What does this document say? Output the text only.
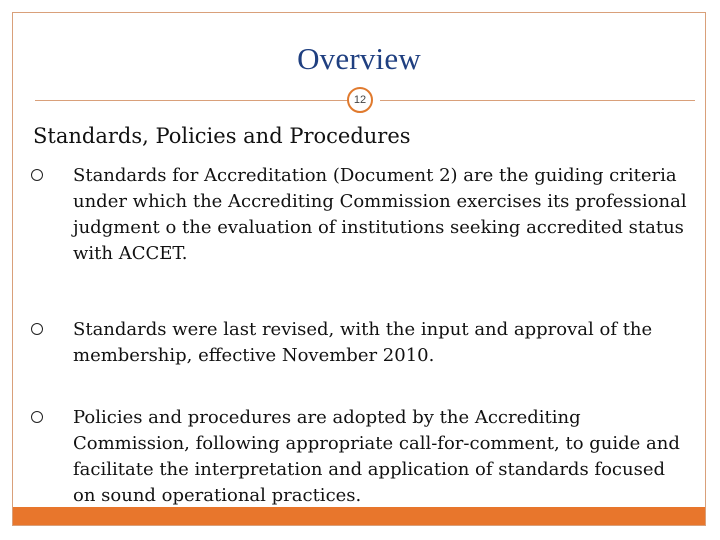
Overview
12
Standards, Policies and Procedures
Standards for Accreditation (Document 2) are the guiding criteria under which the Accrediting Commission exercises its professional judgment o the evaluation of institutions seeking accredited status with ACCET.
Standards were last revised, with the input and approval of the membership, effective November 2010.
Policies and procedures are adopted by the Accrediting Commission, following appropriate call-for-comment, to guide and facilitate the interpretation and application of standards focused on sound operational practices.
